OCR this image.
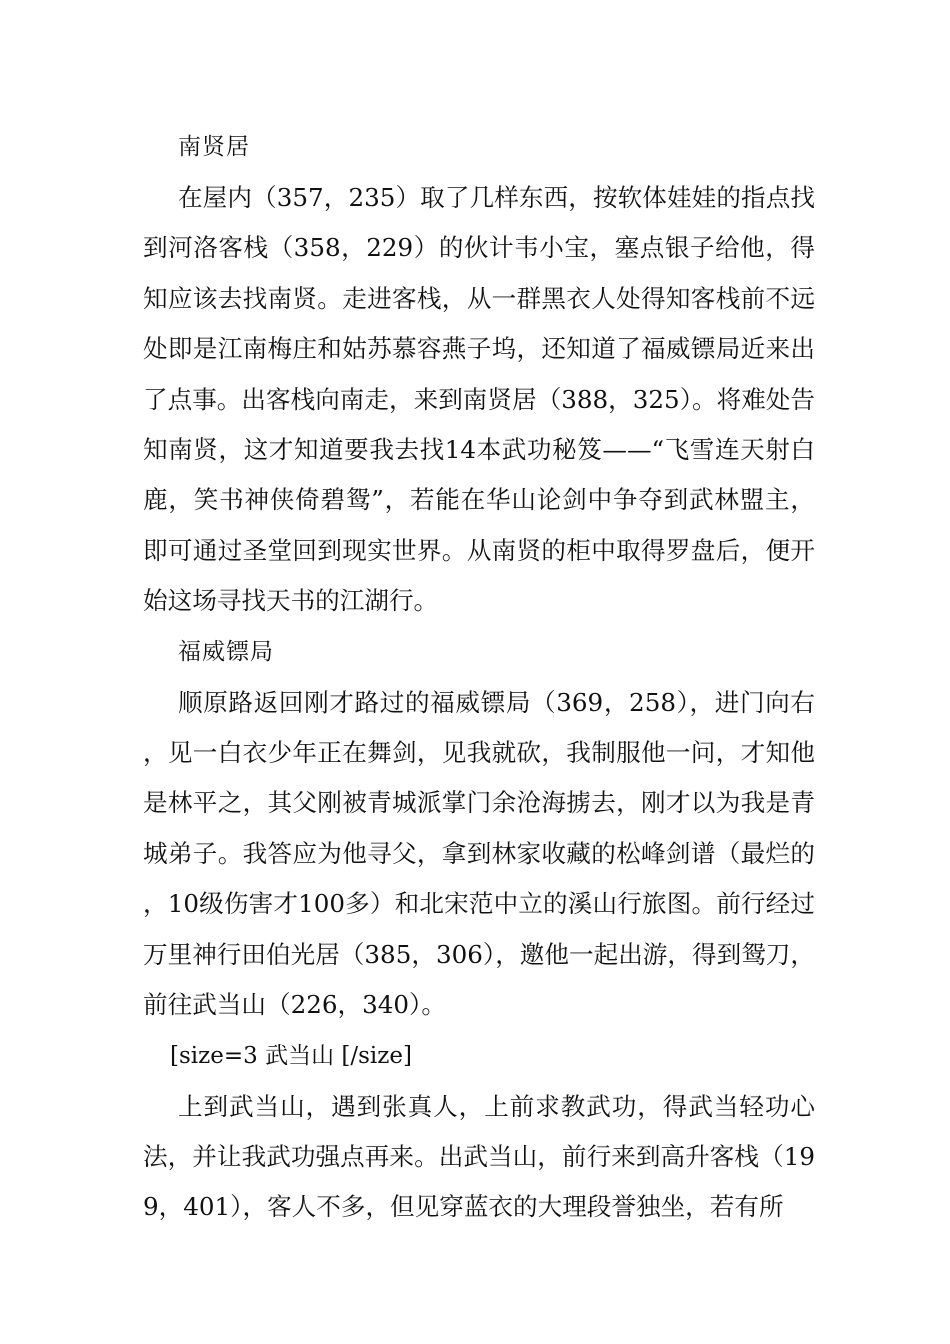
南贤居

在屋内（357，235）取了几样东西，按软体娃娃的指点找到河洛客栈（358，229）的伙计韦小宝，塞点银子给他，得知应该去找南贤。走进客栈，从一群黑衣人处得知客栈前不远处即是江南梅庄和姑苏慕容燕子坞，还知道了福威镖局近来出了点事。出客栈向南走，来到南贤居（388，325）。将难处告知南贤，这才知道要我去找14本武功秘笈——“飞雪连天射白鹿，笑书神侠倚碧鸳”，若能在华山论剑中争夺到武林盟主，即可通过圣堂回到现实世界。从南贤的柜中取得罗盘后，便开始这场寻找天书的江湖行。

福威镖局

顺原路返回刚才路过的福威镖局（369，258），进门向右，见一白衣少年正在舞剑，见我就砍，我制服他一问，才知他是林平之，其父刚被青城派掌门余沧海掳去，刚才以为我是青城弟子。我答应为他寻父，拿到林家收藏的松峰剑谱（最烂的，10级伤害才100多）和北宋范中立的溪山行旅图。前行经过万里神行田伯光居（385，306），邀他一起出游，得到鸳刀，前往武当山（226，340）。

[size=3 武当山 [/size]

上到武当山，遇到张真人，上前求教武功，得武当轻功心法，并让我武功强点再来。出武当山，前行来到高升客栈（199，401），客人不多，但见穿蓝衣的大理段誉独坐，若有所
